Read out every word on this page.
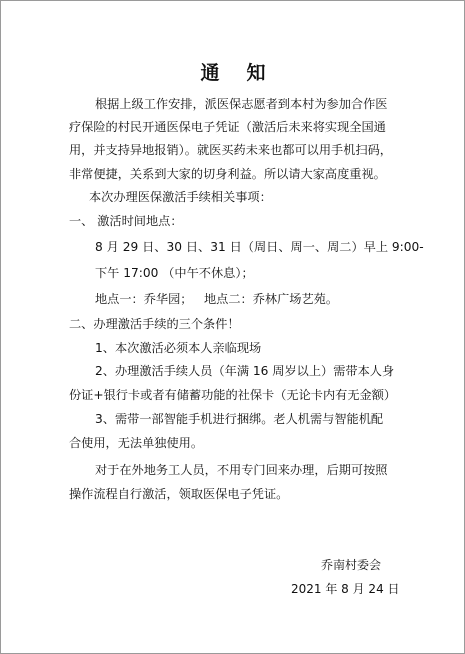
通 知
根据上级工作安排，派医保志愿者到本村为参加合作医
疗保险的村民开通医保电子凭证（激活后未来将实现全国通
用，并支持异地报销）。就医买药未来也都可以用手机扫码，
非常便捷，关系到大家的切身利益。所以请大家高度重视。
本次办理医保激活手续相关事项：
一、 激活时间地点：
8 月 29 日、30 日、31 日（周日、周一、周二）早上 9:00-
下午 17:00 （中午不休息）；
地点一：乔华园； 地点二：乔林广场艺苑。
二、办理激活手续的三个条件！
1、本次激活必须本人亲临现场
2、办理激活手续人员（年满 16 周岁以上）需带本人身
份证+银行卡或者有储蓄功能的社保卡（无论卡内有无金额）
3、需带一部智能手机进行捆绑。老人机需与智能机配
合使用，无法单独使用。
对于在外地务工人员，不用专门回来办理，后期可按照
操作流程自行激活，领取医保电子凭证。
乔南村委会
2021 年 8 月 24 日
